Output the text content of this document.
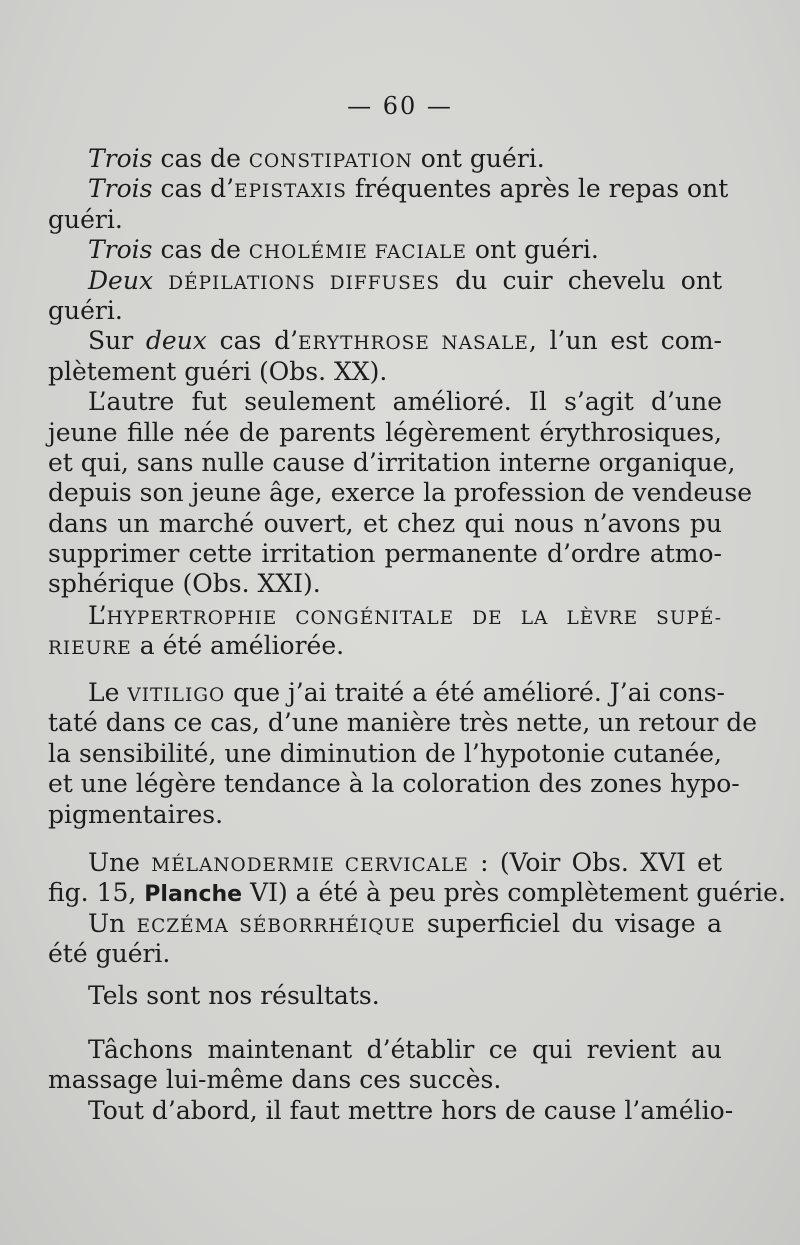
— 60 —
Trois cas de CONSTIPATION ont guéri.
Trois cas d’EPISTAXIS fréquentes après le repas ont
guéri.
Trois cas de CHOLÉMIE FACIALE ont guéri.
Deux DÉPILATIONS DIFFUSES du cuir chevelu ont
guéri.
Sur deux cas d’ERYTHROSE NASALE, l’un est com-
plètement guéri (Obs. XX).
L’autre fut seulement amélioré. Il s’agit d’une
jeune fille née de parents légèrement érythrosiques,
et qui, sans nulle cause d’irritation interne organique,
depuis son jeune âge, exerce la profession de vendeuse
dans un marché ouvert, et chez qui nous n’avons pu
supprimer cette irritation permanente d’ordre atmo-
sphérique (Obs. XXI).
L’HYPERTROPHIE CONGÉNITALE DE LA LÈVRE SUPÉ-
RIEURE a été améliorée.
Le VITILIGO que j’ai traité a été amélioré. J’ai cons-
taté dans ce cas, d’une manière très nette, un retour de
la sensibilité, une diminution de l’hypotonie cutanée,
et une légère tendance à la coloration des zones hypo-
pigmentaires.
Une MÉLANODERMIE CERVICALE : (Voir Obs. XVI et
fig. 15, Planche VI) a été à peu près complètement guérie.
Un ECZÉMA SÉBORRHÉIQUE superficiel du visage a
été guéri.
Tels sont nos résultats.
Tâchons maintenant d’établir ce qui revient au
massage lui-même dans ces succès.
Tout d’abord, il faut mettre hors de cause l’amélio-
